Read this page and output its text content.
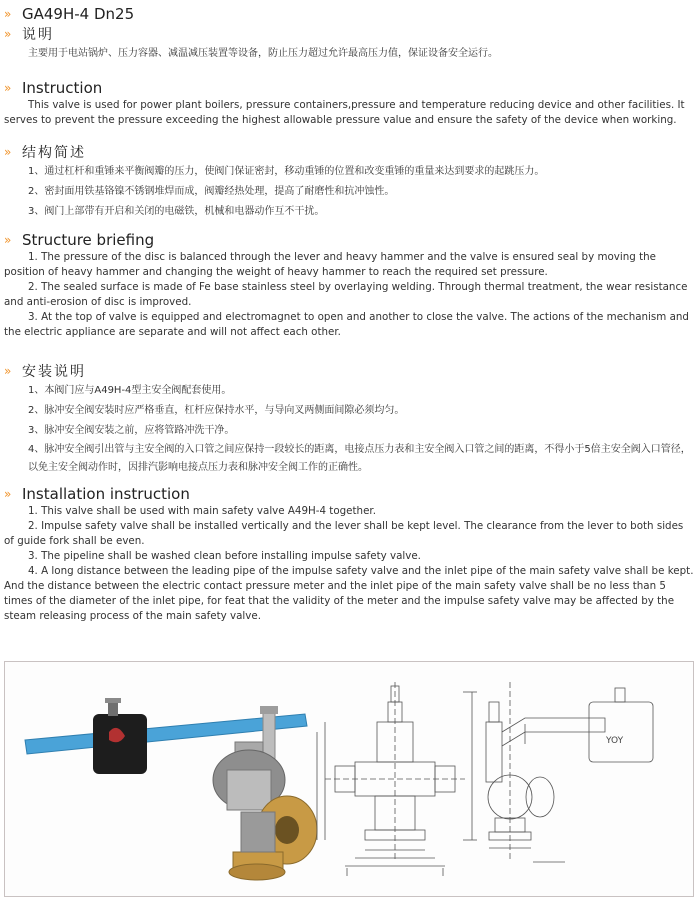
» GA49H-4 Dn25
» 说明
主要用于电站锅炉、压力容器、减温减压装置等设备，防止压力超过允许最高压力值，保证设备安全运行。
» Instruction

This valve is used for power plant boilers, pressure containers,pressure and temperature reducing device and other facilities. It serves to prevent the pressure exceeding the highest allowable pressure value and ensure the safety of the device when working.

» 结构简述
1、通过杠杆和重锤来平衡阀瓣的压力，使阀门保证密封，移动重锤的位置和改变重锤的重量来达到要求的起跳压力。
2、密封面用铁基铬镍不锈钢堆焊而成，阀瓣经热处理，提高了耐磨性和抗冲蚀性。
3、阀门上部带有开启和关闭的电磁铁，机械和电器动作互不干扰。
» Structure briefing

1. The pressure of the disc is balanced through the lever and heavy hammer and the valve is ensured seal by moving the position of heavy hammer and changing the weight of heavy hammer to reach the required set pressure.

2. The sealed surface is made of Fe base stainless steel by overlaying welding. Through thermal treatment, the wear resistance and anti-erosion of disc is improved.

3. At the top of valve is equipped and electromagnet to open and another to close the valve. The actions of the mechanism and the electric appliance are separate and will not affect each other.

» 安装说明
1、本阀门应与A49H-4型主安全阀配套使用。
2、脉冲安全阀安装时应严格垂直，杠杆应保持水平，与导向叉两侧面间隙必须均匀。
3、脉冲安全阀安装之前，应将管路冲洗干净。
4、脉冲安全阀引出管与主安全阀的入口管之间应保持一段较长的距离，电接点压力表和主安全阀入口管之间的距离，不得小于5倍主安全阀入口管径，以免主安全阀动作时，因排汽影响电接点压力表和脉冲安全阀工作的正确性。
» Installation instruction

1. This valve shall be used with main safety valve A49H-4 together.

2. Impulse safety valve shall be installed vertically and the lever shall be kept level. The clearance from the lever to both sides of guide fork shall be even.

3. The pipeline shall be washed clean before installing impulse safety valve.

4. A long distance between the leading pipe of the impulse safety valve and the inlet pipe of the main safety valve shall be kept. And the distance between the electric contact pressure meter and the inlet pipe of the main safety valve shall be no less than 5 times of the diameter of the inlet pipe, for feat that the validity of the meter and the impulse safety valve may be affected by the steam releasing process of the main safety valve.

YOY
